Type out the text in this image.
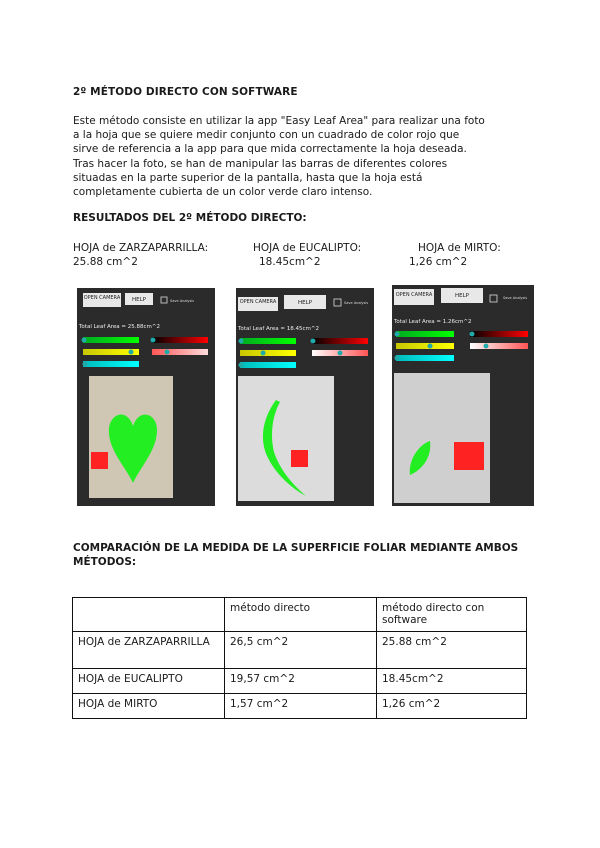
2º MÉTODO DIRECTO CON SOFTWARE
Este método consiste en utilizar la app "Easy Leaf Area" para realizar una foto
a la hoja que se quiere medir conjunto con un cuadrado de color rojo que
sirve de referencia a la app para que mida correctamente la hoja deseada.
Tras hacer la foto, se han de manipular las barras de diferentes colores
situadas en la parte superior de la pantalla, hasta que la hoja está
completamente cubierta de un color verde claro intenso.
RESULTADOS DEL 2º MÉTODO DIRECTO:
HOJA de ZARZAPARRILLA:
25.88 cm^2
HOJA de EUCALIPTO:
18.45cm^2
HOJA de MIRTO:
1,26 cm^2
OPEN CAMERA HELP	Save Analysis
Total Leaf Area = 25.88cm^2
OPEN CAMERA	HELP	Save Analysis
Total Leaf Area = 18.45cm^2
OPEN CAMERA	HELP	Save Analysis
Total Leaf Area = 1.26cm^2
COMPARACIÓN DE LA MEDIDA DE LA SUPERFICIE FOLIAR MEDIANTE AMBOS MÉTODOS:
	método directo	método directo con software
HOJA de ZARZAPARRILLA	26,5 cm^2	25.88 cm^2
HOJA de EUCALIPTO	19,57 cm^2	18.45cm^2
HOJA de MIRTO	1,57 cm^2	1,26 cm^2
